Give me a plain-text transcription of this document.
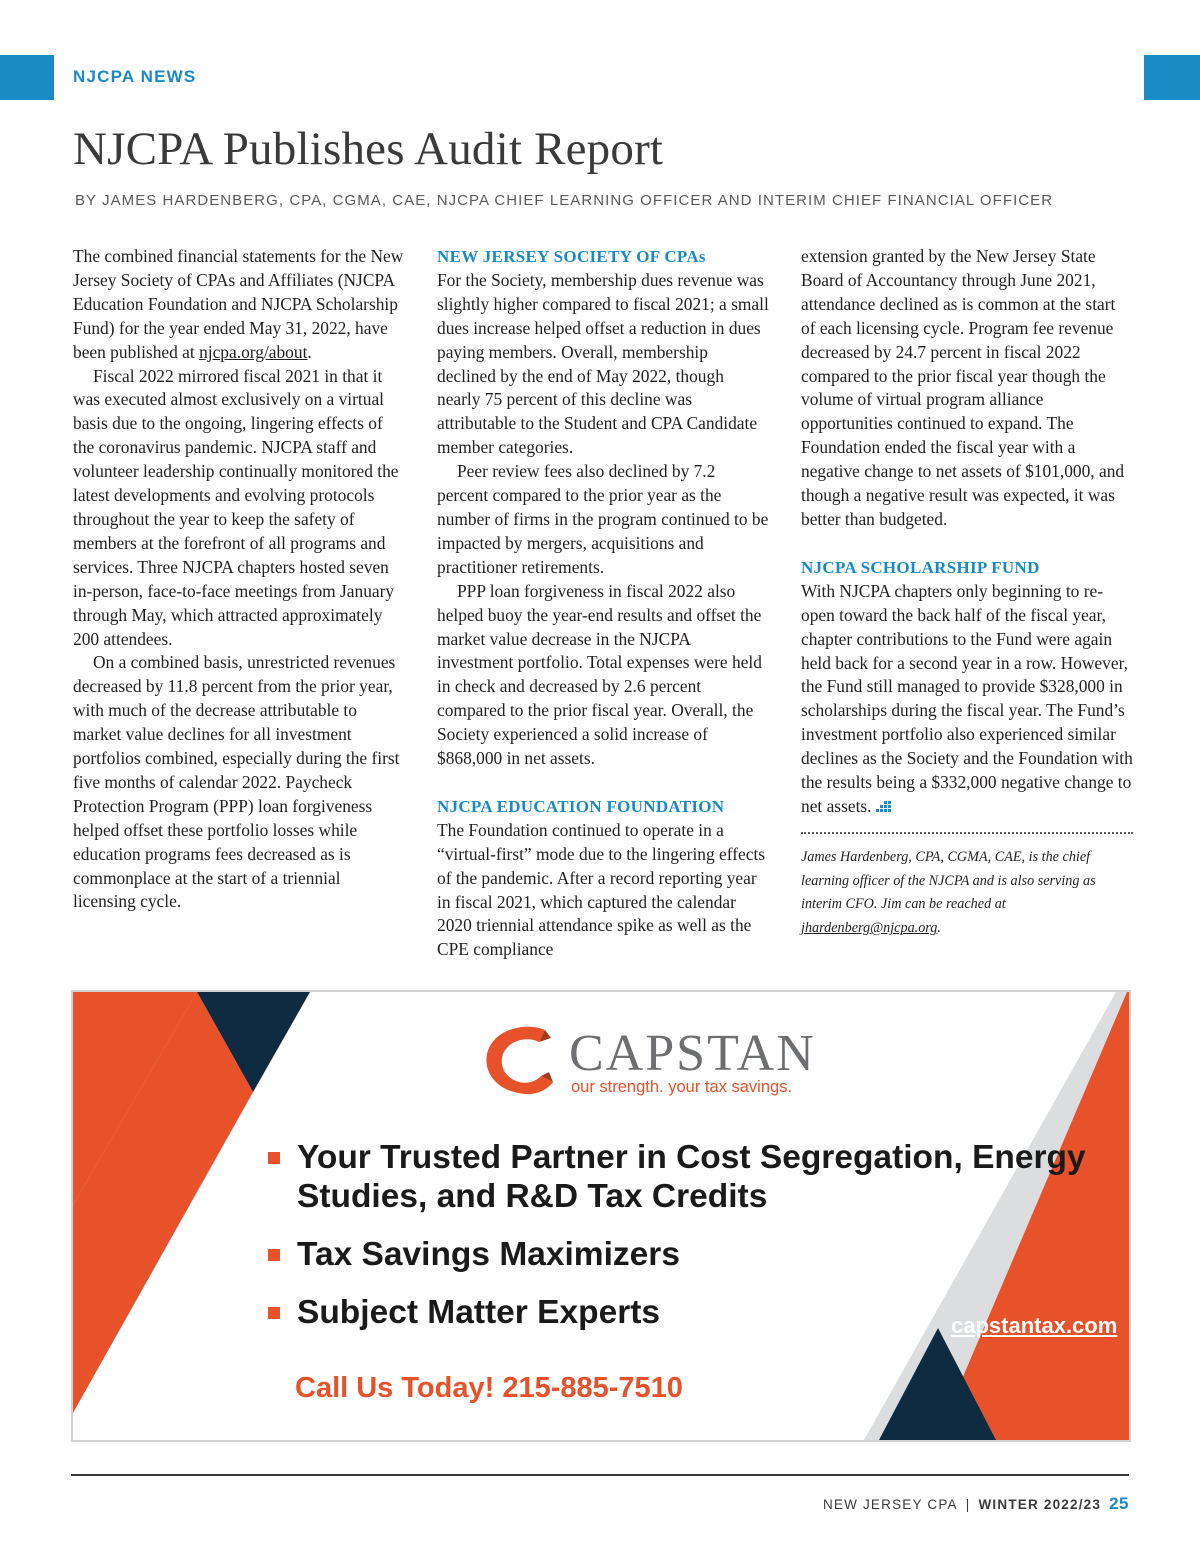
NJCPA NEWS
NJCPA Publishes Audit Report
BY JAMES HARDENBERG, CPA, CGMA, CAE, NJCPA CHIEF LEARNING OFFICER AND INTERIM CHIEF FINANCIAL OFFICER

The combined financial statements for the New Jersey Society of CPAs and Affiliates (NJCPA Education Foundation and NJCPA Scholarship Fund) for the year ended May 31, 2022, have been published at njcpa.org/about.

Fiscal 2022 mirrored fiscal 2021 in that it was executed almost exclusively on a virtual basis due to the ongoing, lingering effects of the coronavirus pandemic. NJCPA staff and volunteer leadership continually monitored the latest developments and evolving protocols throughout the year to keep the safety of members at the forefront of all programs and services. Three NJCPA chapters hosted seven in-person, face-to-face meetings from January through May, which attracted approximately 200 attendees.

On a combined basis, unrestricted revenues decreased by 11.8 percent from the prior year, with much of the decrease attributable to market value declines for all investment portfolios combined, especially during the first five months of calendar 2022. Paycheck Protection Program (PPP) loan forgiveness helped offset these portfolio losses while education programs fees decreased as is commonplace at the start of a triennial licensing cycle.

NEW JERSEY SOCIETY OF CPAs

For the Society, membership dues revenue was slightly higher compared to fiscal 2021; a small dues increase helped offset a reduction in dues paying members. Overall, membership declined by the end of May 2022, though nearly 75 percent of this decline was attributable to the Student and CPA Candidate member categories.

Peer review fees also declined by 7.2 percent compared to the prior year as the number of firms in the program continued to be impacted by mergers, acquisitions and practitioner retirements.

PPP loan forgiveness in fiscal 2022 also helped buoy the year-end results and offset the market value decrease in the NJCPA investment portfolio. Total expenses were held in check and decreased by 2.6 percent compared to the prior fiscal year. Overall, the Society experienced a solid increase of $868,000 in net assets.

NJCPA EDUCATION FOUNDATION

The Foundation continued to operate in a “virtual-first” mode due to the lingering effects of the pandemic. After a record reporting year in fiscal 2021, which captured the calendar 2020 triennial attendance spike as well as the CPE compliance

extension granted by the New Jersey State Board of Accountancy through June 2021, attendance declined as is common at the start of each licensing cycle. Program fee revenue decreased by 24.7 percent in fiscal 2022 compared to the prior fiscal year though the volume of virtual program alliance opportunities continued to expand. The Foundation ended the fiscal year with a negative change to net assets of $101,000, and though a negative result was expected, it was better than budgeted.

NJCPA SCHOLARSHIP FUND

With NJCPA chapters only beginning to re-open toward the back half of the fiscal year, chapter contributions to the Fund were again held back for a second year in a row. However, the Fund still managed to provide $328,000 in scholarships during the fiscal year. The Fund’s investment portfolio also experienced similar declines as the Society and the Foundation with the results being a $332,000 negative change to net assets.

James Hardenberg, CPA, CGMA, CAE, is the chief learning officer of the NJCPA and is also serving as interim CFO. Jim can be reached at jhardenberg@njcpa.org.

CAPSTAN
our strength. your tax savings.
Your Trusted Partner in Cost Segregation, Energy Studies, and R&D Tax Credits
Tax Savings Maximizers
Subject Matter Experts
Call Us Today! 215-885-7510
capstantax.com
NEW JERSEY CPA | WINTER 2022/23 25
